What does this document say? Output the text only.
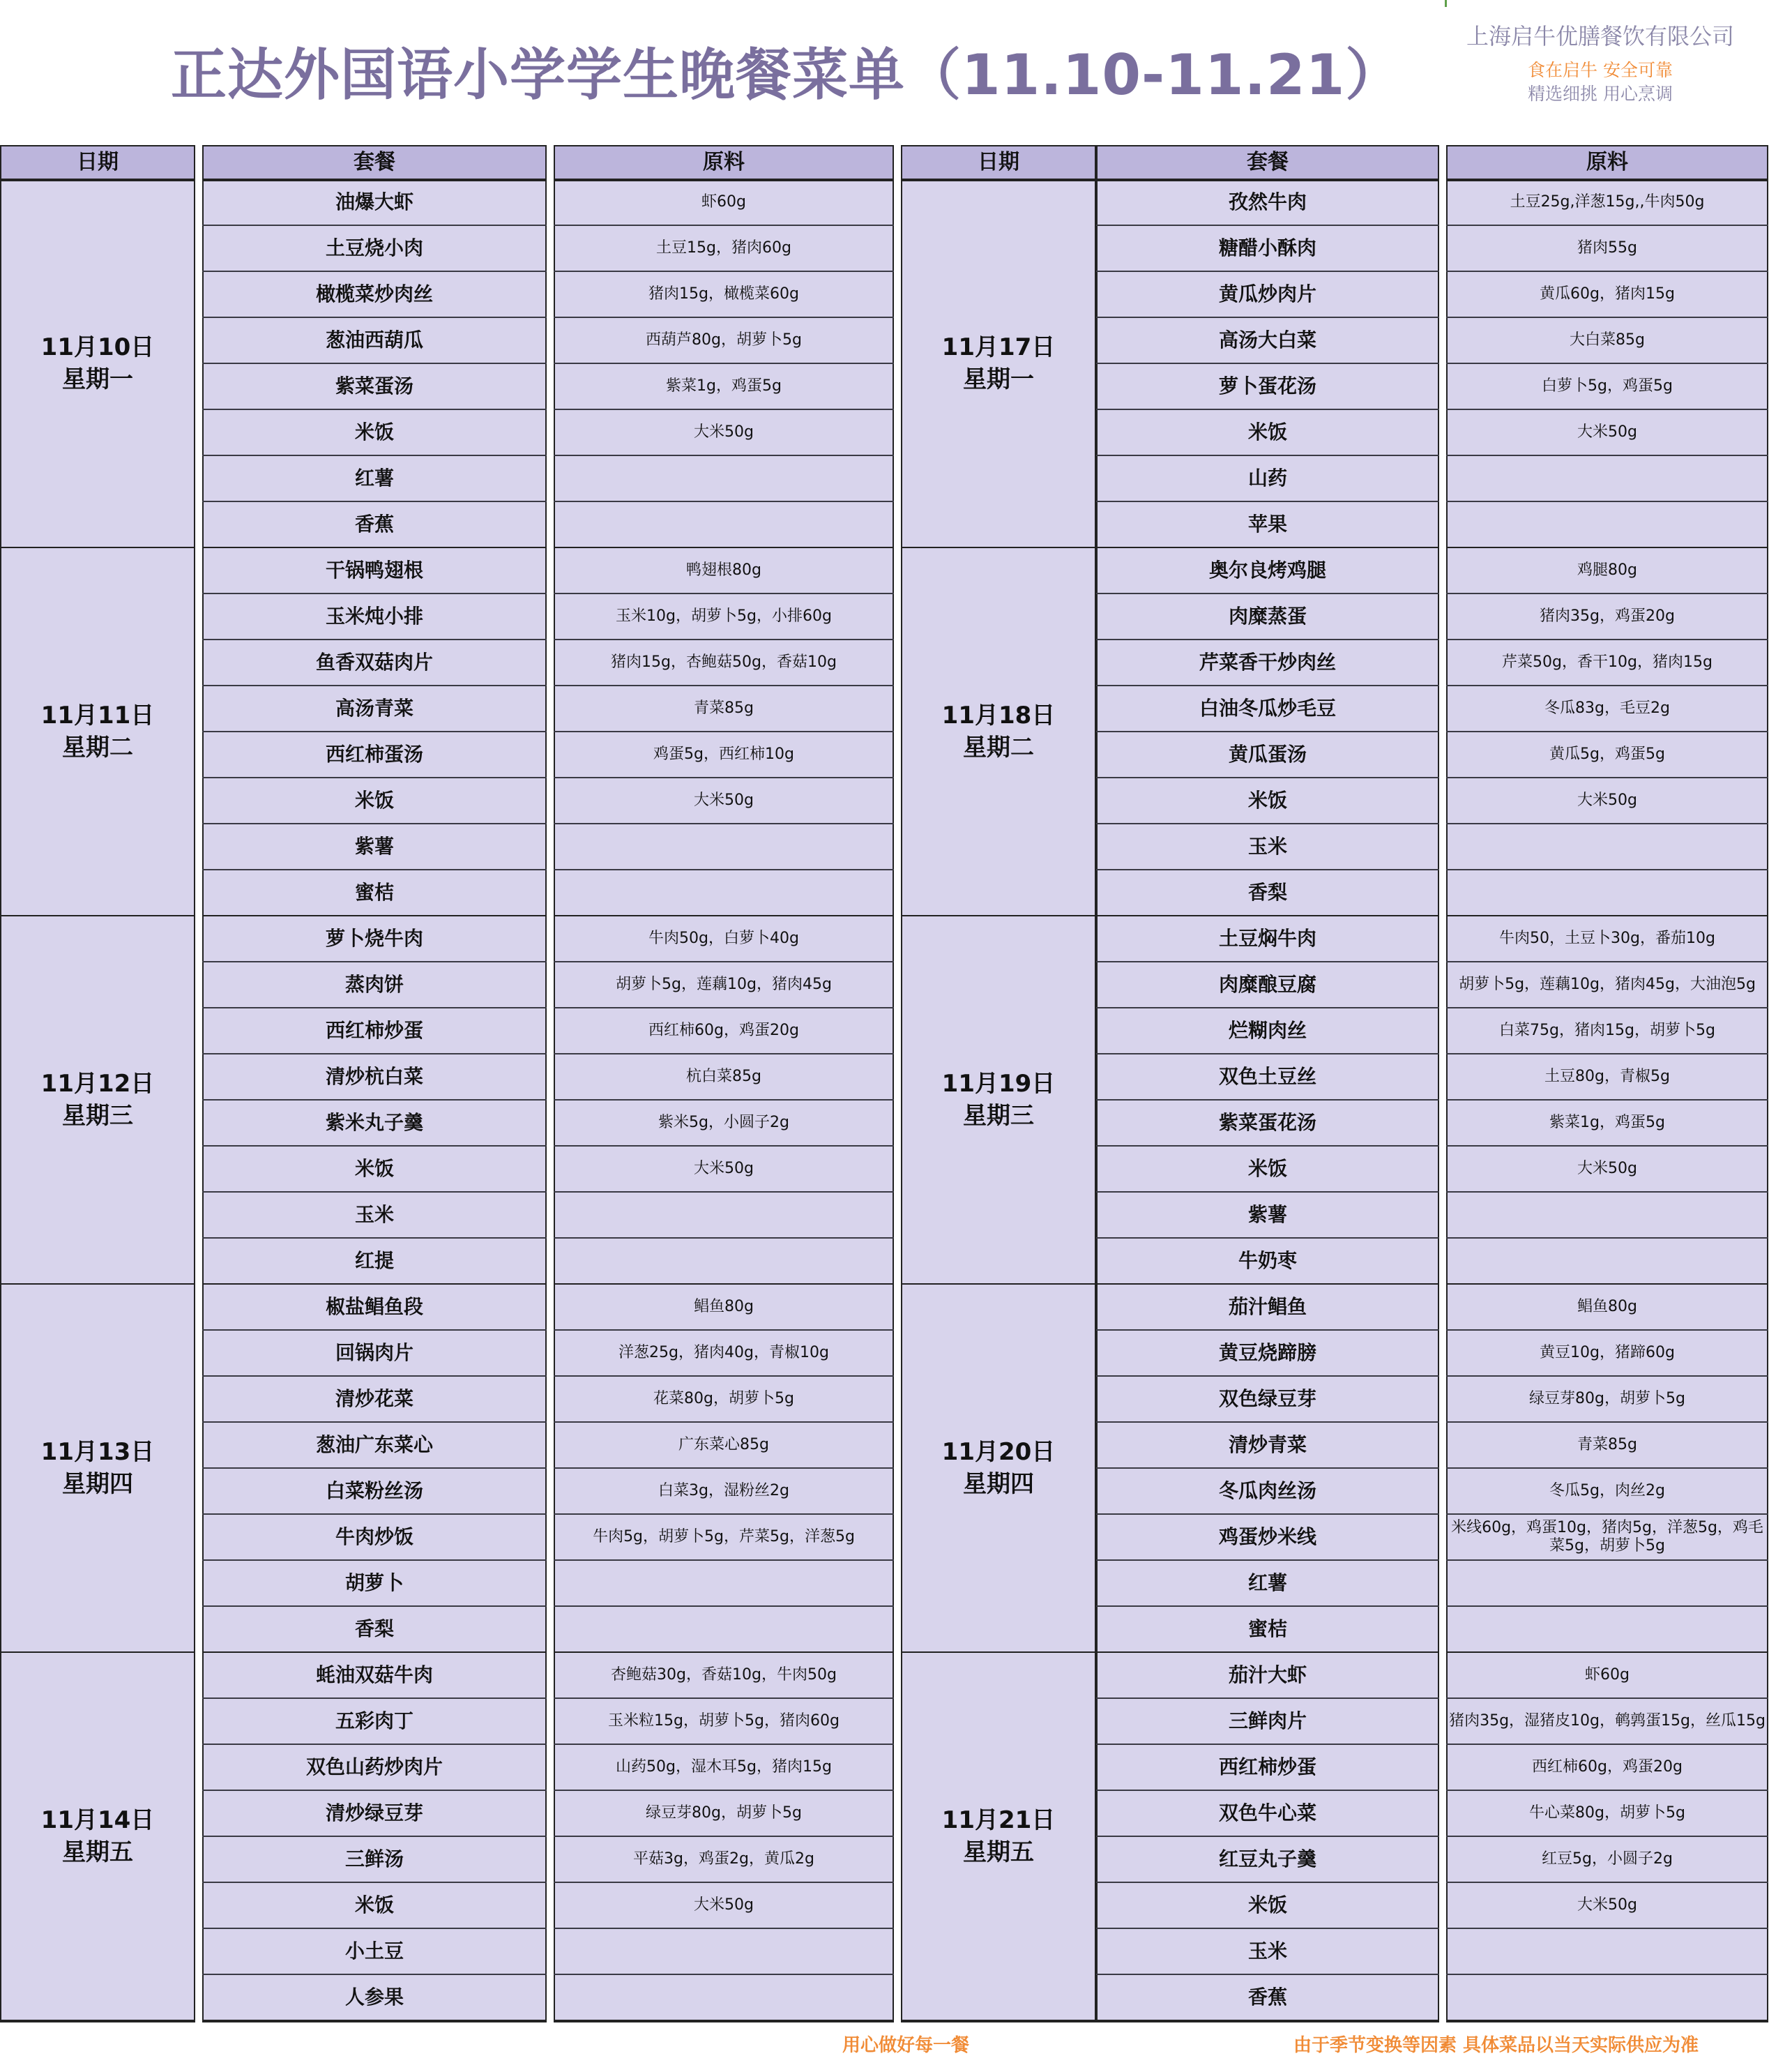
正达外国语小学学生晚餐菜单（11.10-11.21）
上海启牛优膳餐饮有限公司
食在启牛 安全可靠
精选细挑 用心烹调
日期	套餐	原料	日期	套餐	原料
11月10日
星期一
油爆大虾	虾60g
土豆烧小肉	土豆15g，猪肉60g
橄榄菜炒肉丝	猪肉15g，橄榄菜60g
葱油西葫瓜	西葫芦80g，胡萝卜5g
紫菜蛋汤	紫菜1g，鸡蛋5g
米饭	大米50g
红薯
香蕉
11月11日
星期二
干锅鸭翅根	鸭翅根80g
玉米炖小排	玉米10g，胡萝卜5g，小排60g
鱼香双菇肉片	猪肉15g，杏鲍菇50g，香菇10g
高汤青菜	青菜85g
西红柿蛋汤	鸡蛋5g，西红柿10g
米饭	大米50g
紫薯
蜜桔
11月12日
星期三
萝卜烧牛肉	牛肉50g，白萝卜40g
蒸肉饼	胡萝卜5g，莲藕10g，猪肉45g
西红柿炒蛋	西红柿60g，鸡蛋20g
清炒杭白菜	杭白菜85g
紫米丸子羹	紫米5g，小圆子2g
米饭	大米50g
玉米
红提
11月13日
星期四
椒盐鲳鱼段	鲳鱼80g
回锅肉片	洋葱25g，猪肉40g，青椒10g
清炒花菜	花菜80g，胡萝卜5g
葱油广东菜心	广东菜心85g
白菜粉丝汤	白菜3g，湿粉丝2g
牛肉炒饭	牛肉5g，胡萝卜5g，芹菜5g，洋葱5g
胡萝卜
香梨
11月14日
星期五
蚝油双菇牛肉	杏鲍菇30g，香菇10g，牛肉50g
五彩肉丁	玉米粒15g，胡萝卜5g，猪肉60g
双色山药炒肉片	山药50g，湿木耳5g，猪肉15g
清炒绿豆芽	绿豆芽80g，胡萝卜5g
三鲜汤	平菇3g，鸡蛋2g，黄瓜2g
米饭	大米50g
小土豆
人参果
11月17日
星期一
孜然牛肉	土豆25g,洋葱15g,,牛肉50g
糖醋小酥肉	猪肉55g
黄瓜炒肉片	黄瓜60g，猪肉15g
高汤大白菜	大白菜85g
萝卜蛋花汤	白萝卜5g，鸡蛋5g
米饭	大米50g
山药
苹果
11月18日
星期二
奥尔良烤鸡腿	鸡腿80g
肉糜蒸蛋	猪肉35g，鸡蛋20g
芹菜香干炒肉丝	芹菜50g，香干10g，猪肉15g
白油冬瓜炒毛豆	冬瓜83g，毛豆2g
黄瓜蛋汤	黄瓜5g，鸡蛋5g
米饭	大米50g
玉米
香梨
11月19日
星期三
土豆焖牛肉	牛肉50，土豆卜30g，番茄10g
肉糜酿豆腐	胡萝卜5g，莲藕10g，猪肉45g，大油泡5g
烂糊肉丝	白菜75g，猪肉15g，胡萝卜5g
双色土豆丝	土豆80g，青椒5g
紫菜蛋花汤	紫菜1g，鸡蛋5g
米饭	大米50g
紫薯
牛奶枣
11月20日
星期四
茄汁鲳鱼	鲳鱼80g
黄豆烧蹄膀	黄豆10g，猪蹄60g
双色绿豆芽	绿豆芽80g，胡萝卜5g
清炒青菜	青菜85g
冬瓜肉丝汤	冬瓜5g，肉丝2g
鸡蛋炒米线	米线60g，鸡蛋10g，猪肉5g，洋葱5g，鸡毛菜5g，胡萝卜5g
红薯
蜜桔
11月21日
星期五
茄汁大虾	虾60g
三鲜肉片	猪肉35g，湿猪皮10g，鹌鹑蛋15g，丝瓜15g
西红柿炒蛋	西红柿60g，鸡蛋20g
双色牛心菜	牛心菜80g，胡萝卜5g
红豆丸子羹	红豆5g，小圆子2g
米饭	大米50g
玉米
香蕉
用心做好每一餐	由于季节变换等因素 具体菜品以当天实际供应为准
